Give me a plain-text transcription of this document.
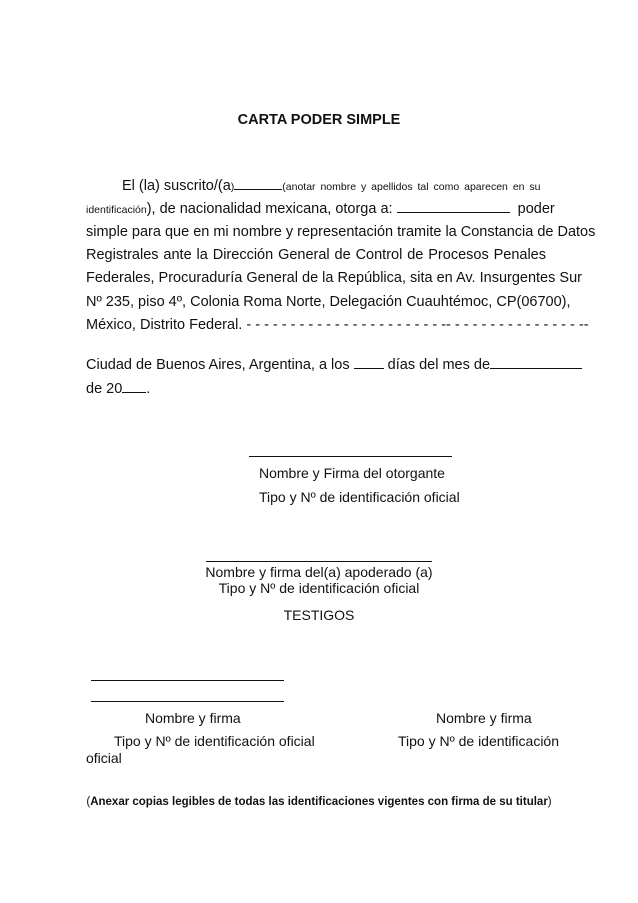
CARTA PODER SIMPLE
El (la) suscrito/(a)	(anotar nombre y apellidos tal como aparecen en su
identificación), de nacionalidad mexicana, otorga a:	poder
simple para que en mi nombre y representación tramite la Constancia de Datos
Registrales ante la Dirección General de Control de Procesos Penales
Federales, Procuraduría General de la República, sita en Av. Insurgentes Sur
Nº 235, piso 4º, Colonia Roma Norte, Delegación Cuauhtémoc, CP(06700),
México, Distrito Federal. - - - - - - - - - - - - - - - - - - - - - - -- - - - - - - - - - - - - - - --
Ciudad de Buenos Aires, Argentina, a los	días del mes de
de 20 .
Nombre y Firma del otorgante
Tipo y Nº de identificación oficial
Nombre y firma del(a) apoderado (a)
Tipo y Nº de identificación oficial
TESTIGOS
Nombre y firma	Nombre y firma
Tipo y Nº de identificación oficial	Tipo y Nº de identificación
oficial
(Anexar copias legibles de todas las identificaciones vigentes con firma de su titular)
